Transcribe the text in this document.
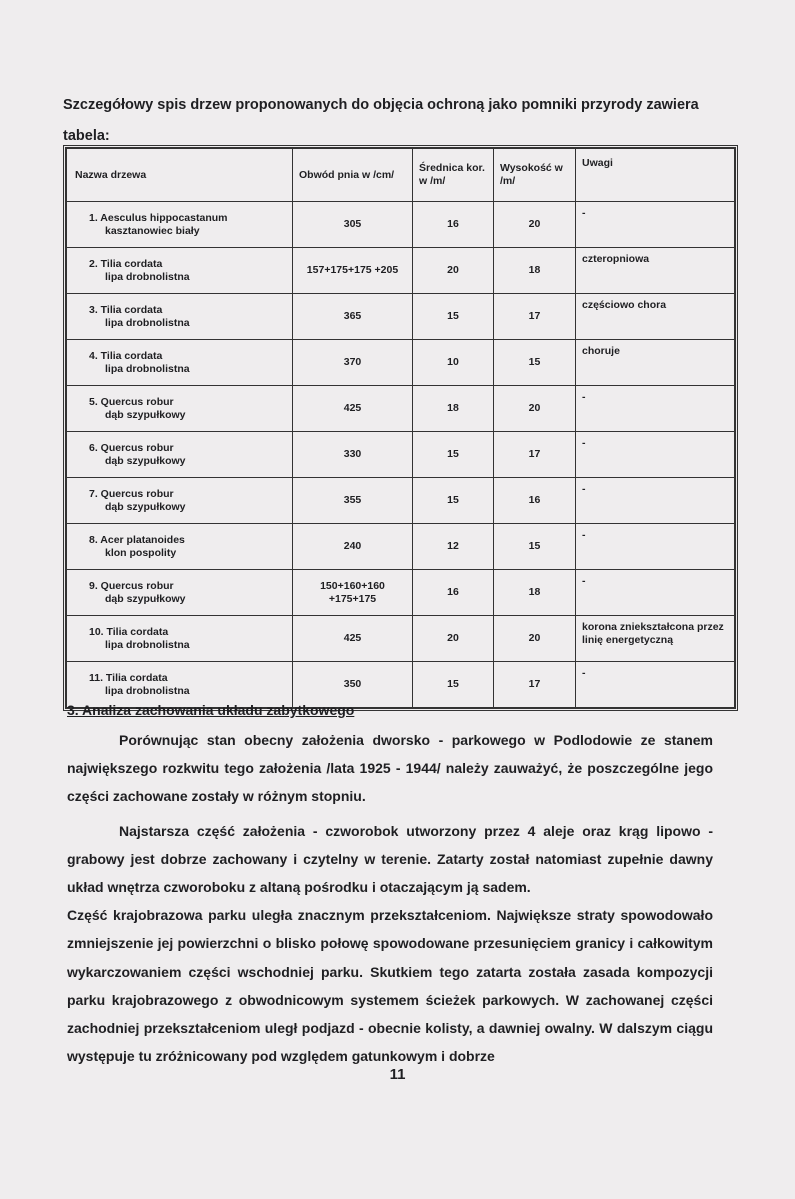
Szczegółowy spis drzew proponowanych do objęcia ochroną jako pomniki przyrody zawiera tabela:
Nazwa drzewa	Obwód pnia w /cm/	Średnica kor. w /m/	Wysokość w /m/	Uwagi

1. Aesculus hippocastanum
kasztanowiec biały	305	16	20	-

2. Tilia cordata
lipa drobnolistna	157+175+175 +205	20	18	czteropniowa

3. Tilia cordata
lipa drobnolistna	365	15	17	częściowo chora

4. Tilia cordata
lipa drobnolistna	370	10	15	choruje

5. Quercus robur
dąb szypułkowy	425	18	20	-

6. Quercus robur
dąb szypułkowy	330	15	17	-

7. Quercus robur
dąb szypułkowy	355	15	16	-

8. Acer platanoides
klon pospolity	240	12	15	-

9. Quercus robur
dąb szypułkowy	150+160+160 +175+175	16	18	-

10. Tilia cordata
lipa drobnolistna	425	20	20	korona zniekształcona przez linię energetyczną

11. Tilia cordata
lipa drobnolistna	350	15	17	-
3. Analiza zachowania układu zabytkowego

Porównując stan obecny założenia dworsko - parkowego w Podlodowie ze stanem największego rozkwitu tego założenia /lata 1925 - 1944/ należy zauważyć, że poszczególne jego części zachowane zostały w różnym stopniu.

Najstarsza część założenia - czworobok utworzony przez 4 aleje oraz krąg lipowo - grabowy jest dobrze zachowany i czytelny w terenie. Zatarty został natomiast zupełnie dawny układ wnętrza czworoboku z altaną pośrodku i otaczającym ją sadem.

Część krajobrazowa parku uległa znacznym przekształceniom. Największe straty spowodowało zmniejszenie jej powierzchni o blisko połowę spowodowane przesunięciem granicy i całkowitym wykarczowaniem części wschodniej parku. Skutkiem tego zatarta została zasada kompozycji parku krajobrazowego z obwodnicowym systemem ścieżek parkowych. W zachowanej części zachodniej przekształceniom uległ podjazd - obecnie kolisty, a dawniej owalny. W dalszym ciągu występuje tu zróżnicowany pod względem gatunkowym i dobrze

11
